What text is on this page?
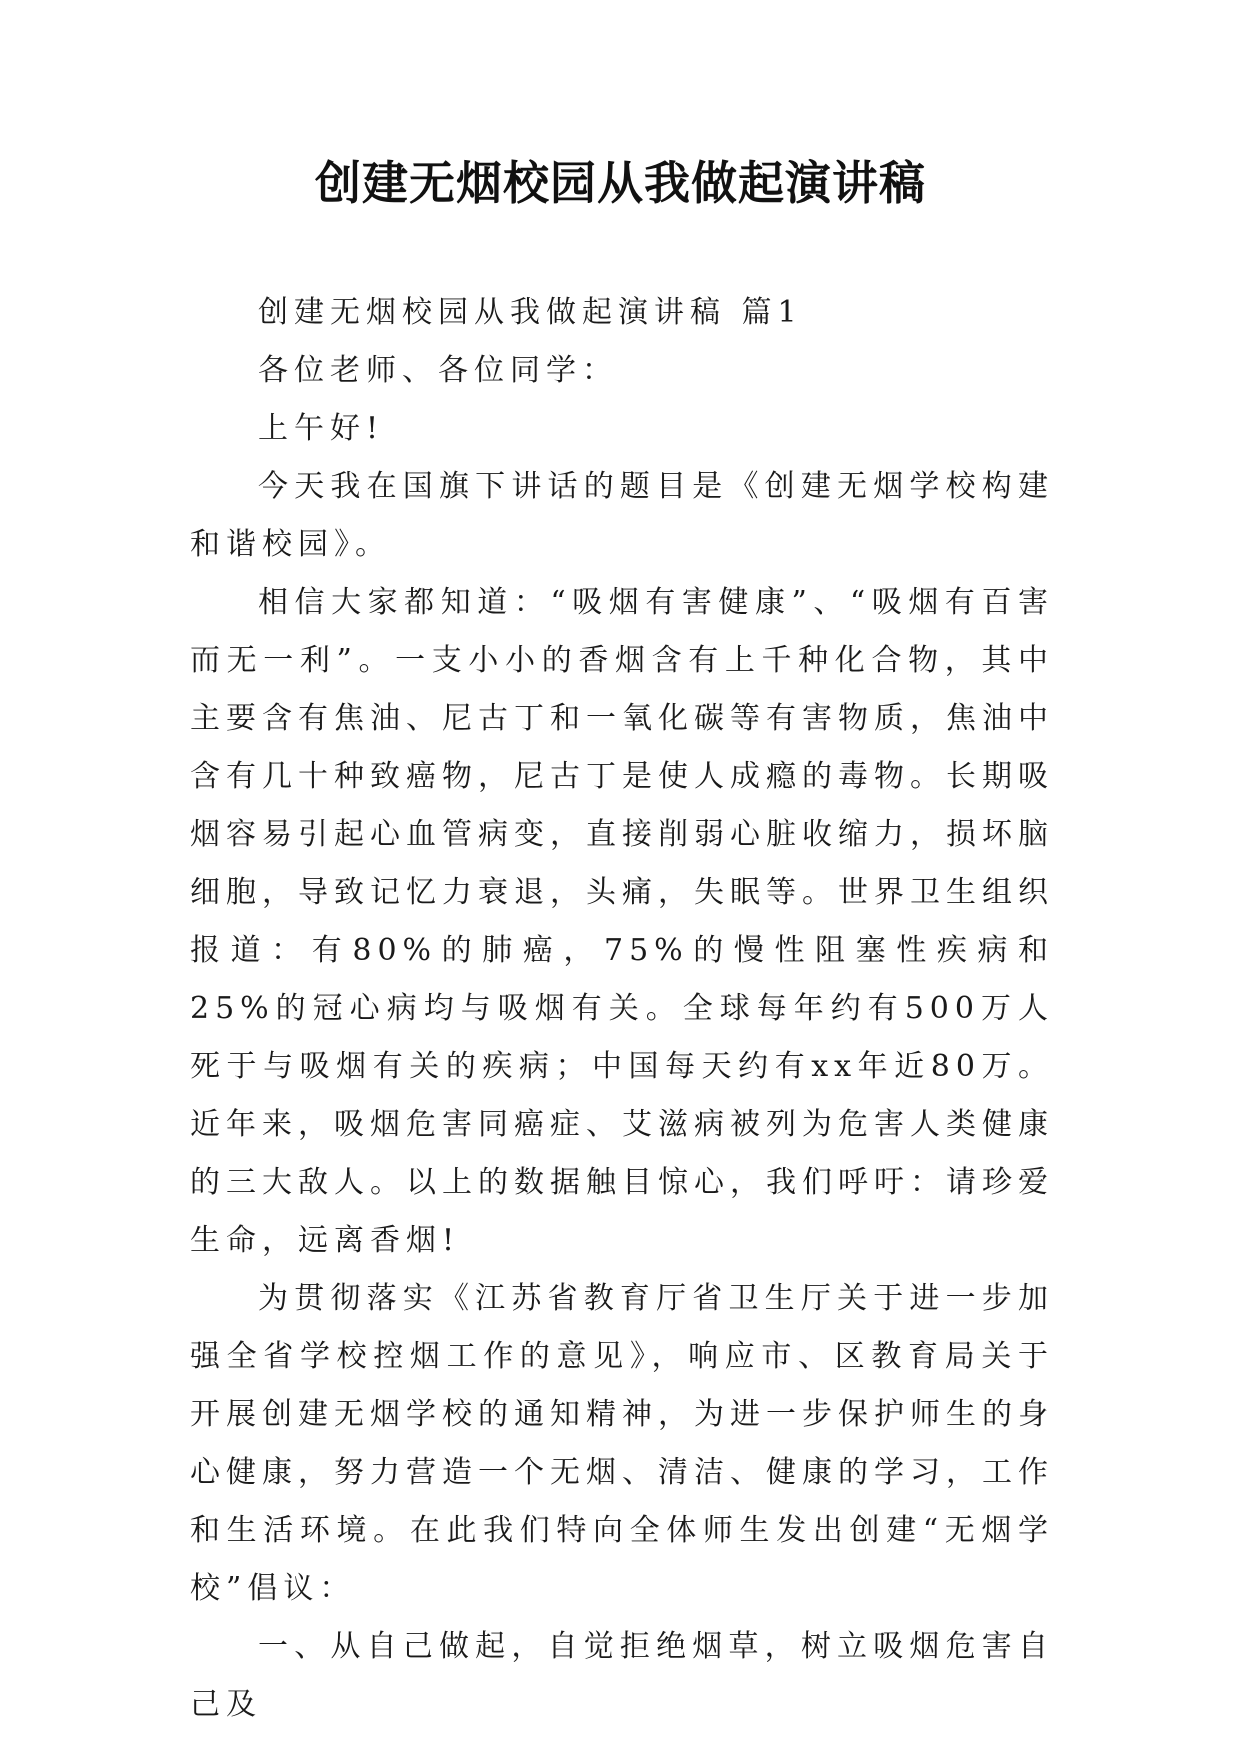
创建无烟校园从我做起演讲稿

创建无烟校园从我做起演讲稿 篇1

各位老师、各位同学：

上午好!

今天我在国旗下讲话的题目是《创建无烟学校构建和谐校园》。

相信大家都知道：“吸烟有害健康”、“吸烟有百害而无一利”。一支小小的香烟含有上千种化合物，其中主要含有焦油、尼古丁和一氧化碳等有害物质，焦油中含有几十种致癌物，尼古丁是使人成瘾的毒物。长期吸烟容易引起心血管病变，直接削弱心脏收缩力，损坏脑细胞，导致记忆力衰退，头痛，失眠等。世界卫生组织报道：有80%的肺癌，75%的慢性阻塞性疾病和25%的冠心病均与吸烟有关。全球每年约有500万人死于与吸烟有关的疾病；中国每天约有xx年近80万。近年来，吸烟危害同癌症、艾滋病被列为危害人类健康的三大敌人。以上的数据触目惊心，我们呼吁：请珍爱生命，远离香烟!

为贯彻落实《江苏省教育厅省卫生厅关于进一步加强全省学校控烟工作的意见》，响应市、区教育局关于开展创建无烟学校的通知精神，为进一步保护师生的身心健康，努力营造一个无烟、清洁、健康的学习，工作和生活环境。在此我们特向全体师生发出创建“无烟学校”倡议：

一、从自己做起，自觉拒绝烟草，树立吸烟危害自己及
